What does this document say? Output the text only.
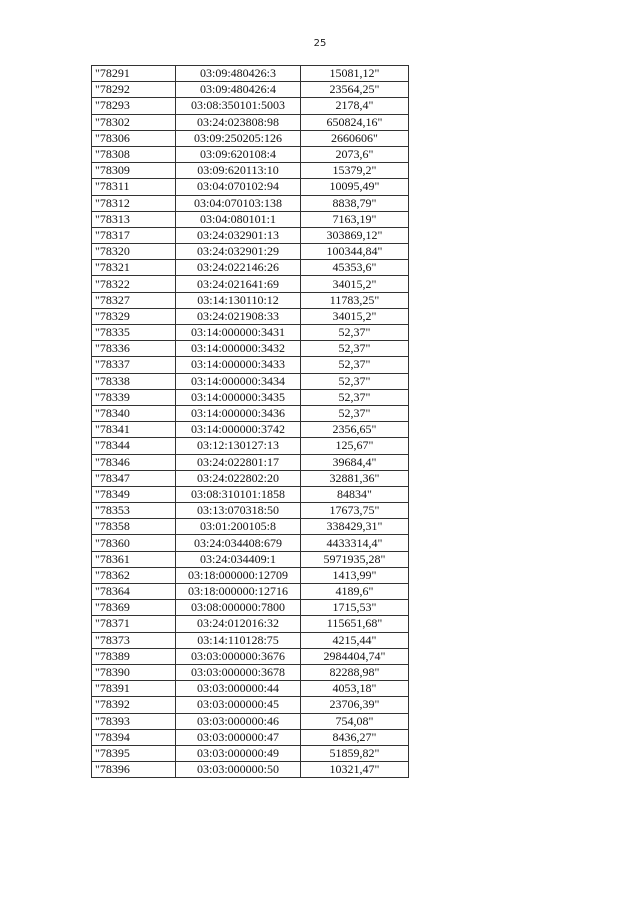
25
"78291	03:09:480426:3	15081,12"
"78292	03:09:480426:4	23564,25"
"78293	03:08:350101:5003	2178,4"
"78302	03:24:023808:98	650824,16"
"78306	03:09:250205:126	2660606"
"78308	03:09:620108:4	2073,6"
"78309	03:09:620113:10	15379,2"
"78311	03:04:070102:94	10095,49"
"78312	03:04:070103:138	8838,79"
"78313	03:04:080101:1	7163,19"
"78317	03:24:032901:13	303869,12"
"78320	03:24:032901:29	100344,84"
"78321	03:24:022146:26	45353,6"
"78322	03:24:021641:69	34015,2"
"78327	03:14:130110:12	11783,25"
"78329	03:24:021908:33	34015,2"
"78335	03:14:000000:3431	52,37"
"78336	03:14:000000:3432	52,37"
"78337	03:14:000000:3433	52,37"
"78338	03:14:000000:3434	52,37"
"78339	03:14:000000:3435	52,37"
"78340	03:14:000000:3436	52,37"
"78341	03:14:000000:3742	2356,65"
"78344	03:12:130127:13	125,67"
"78346	03:24:022801:17	39684,4"
"78347	03:24:022802:20	32881,36"
"78349	03:08:310101:1858	84834"
"78353	03:13:070318:50	17673,75"
"78358	03:01:200105:8	338429,31"
"78360	03:24:034408:679	4433314,4"
"78361	03:24:034409:1	5971935,28"
"78362	03:18:000000:12709	1413,99"
"78364	03:18:000000:12716	4189,6"
"78369	03:08:000000:7800	1715,53"
"78371	03:24:012016:32	115651,68"
"78373	03:14:110128:75	4215,44"
"78389	03:03:000000:3676	2984404,74"
"78390	03:03:000000:3678	82288,98"
"78391	03:03:000000:44	4053,18"
"78392	03:03:000000:45	23706,39"
"78393	03:03:000000:46	754,08"
"78394	03:03:000000:47	8436,27"
"78395	03:03:000000:49	51859,82"
"78396	03:03:000000:50	10321,47"
